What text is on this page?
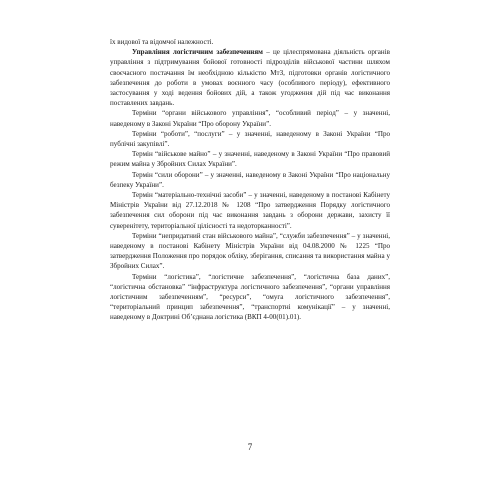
їх видової та відомчої належності.

Управління логістичним забезпеченням – це цілеспрямована діяльність органів управління з підтримування бойової готовності підрозділів військової частини шляхом своєчасного постачання їм необхідною кількістю МтЗ, підготовки органів логістичного забезпечення до роботи в умовах воєнного часу (особливого періоду), ефективного застосування у ході ведення бойових дій, а також угодження дій під час виконання поставлених завдань.

Терміни “органи військового управління”, “особливий період” – у значенні, наведеному в Законі України “Про оборону України”.

Терміни “роботи”, “послуги” – у значенні, наведеному в Законі України “Про публічні закупівлі”.

Термін “військове майно” – у значенні, наведеному в Законі України “Про правовий режим майна у Збройних Силах України”.

Термін “сили оборони” – у значенні, наведеному в Законі України “Про національну безпеку України”.

Термін “матеріально-технічні засоби” – у значенні, наведеному в постанові Кабінету Міністрів України від 27.12.2018 № 1208 “Про затвердження Порядку логістичного забезпечення сил оборони під час виконання завдань з оборони держави, захисту її суверенітету, територіальної цілісності та недоторканності”.

Терміни “непридатний стан військового майна”, “служби забезпечення” – у значенні, наведеному в постанові Кабінету Міністрів України від 04.08.2000 № 1225 “Про затвердження Положення про порядок обліку, зберігання, списання та використання майна у Збройних Силах”.

Терміни “логістика”, “логістичне забезпечення”, “логістична база даних”, “логістична обстановка” “інфраструктура логістичного забезпечення”, “органи управління логістичним забезпеченням”, “ресурси”, “омуга логістичного забезпечення”, “територіальний принцип забезпечення”, “транспортні комунікації” – у значенні, наведеному в Доктрині Об’єднана логістика (ВКП 4-00(01).01).

7
